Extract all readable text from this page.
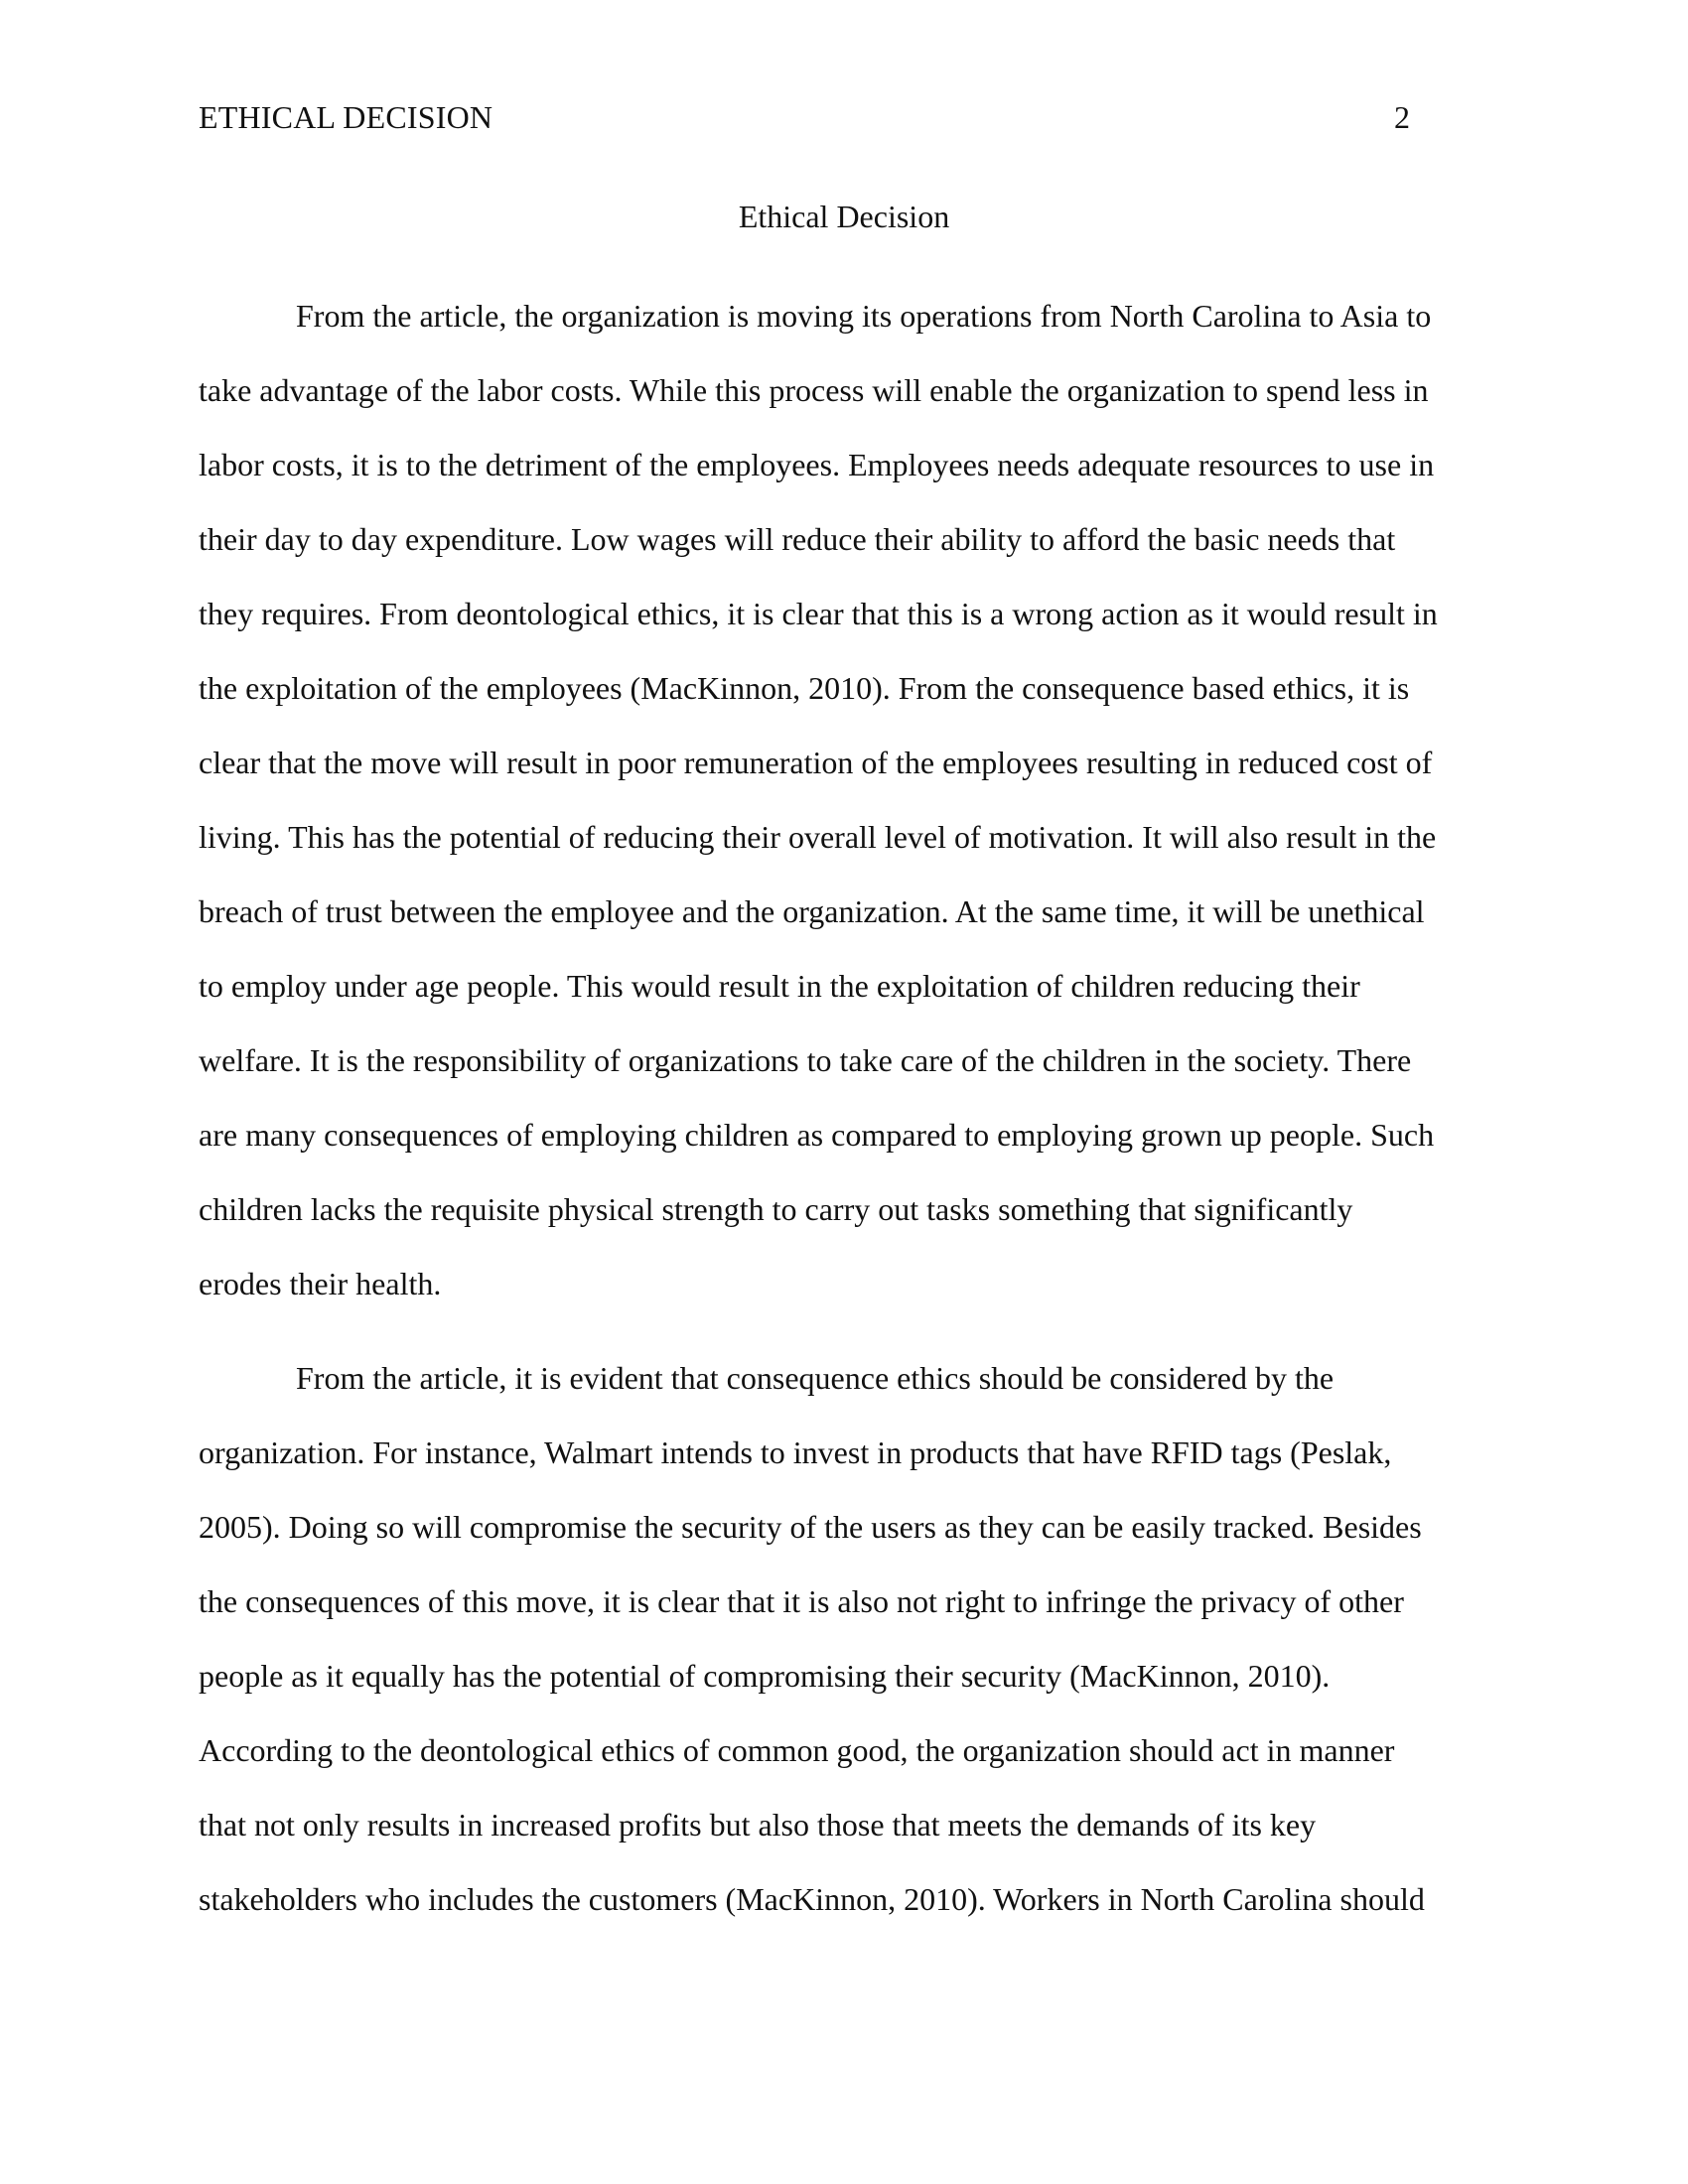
ETHICAL DECISION	2
Ethical Decision
From the article, the organization is moving its operations from North Carolina to Asia to
take advantage of the labor costs. While this process will enable the organization to spend less in
labor costs, it is to the detriment of the employees. Employees needs adequate resources to use in
their day to day expenditure. Low wages will reduce their ability to afford the basic needs that
they requires. From deontological ethics, it is clear that this is a wrong action as it would result in
the exploitation of the employees (MacKinnon, 2010). From the consequence based ethics, it is
clear that the move will result in poor remuneration of the employees resulting in reduced cost of
living. This has the potential of reducing their overall level of motivation. It will also result in the
breach of trust between the employee and the organization. At the same time, it will be unethical
to employ under age people. This would result in the exploitation of children reducing their
welfare. It is the responsibility of organizations to take care of the children in the society. There
are many consequences of employing children as compared to employing grown up people. Such
children lacks the requisite physical strength to carry out tasks something that significantly
erodes their health.
From the article, it is evident that consequence ethics should be considered by the
organization. For instance, Walmart intends to invest in products that have RFID tags (Peslak,
2005). Doing so will compromise the security of the users as they can be easily tracked. Besides
the consequences of this move, it is clear that it is also not right to infringe the privacy of other
people as it equally has the potential of compromising their security (MacKinnon, 2010).
According to the deontological ethics of common good, the organization should act in manner
that not only results in increased profits but also those that meets the demands of its key
stakeholders who includes the customers (MacKinnon, 2010). Workers in North Carolina should
